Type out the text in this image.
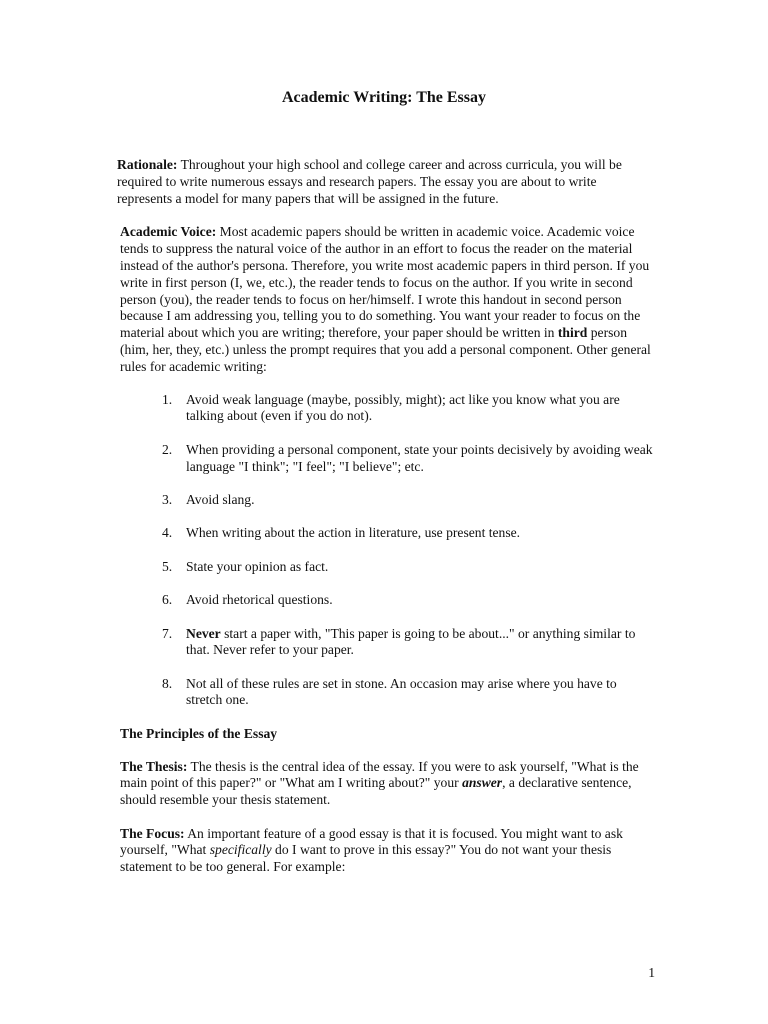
Academic Writing: The Essay

Rationale: Throughout your high school and college career and across curricula, you will be required to write numerous essays and research papers. The essay you are about to write represents a model for many papers that will be assigned in the future.

Academic Voice: Most academic papers should be written in academic voice. Academic voice tends to suppress the natural voice of the author in an effort to focus the reader on the material instead of the author's persona. Therefore, you write most academic papers in third person. If you write in first person (I, we, etc.), the reader tends to focus on the author. If you write in second person (you), the reader tends to focus on her/himself. I wrote this handout in second person because I am addressing you, telling you to do something. You want your reader to focus on the material about which you are writing; therefore, your paper should be written in third person (him, her, they, etc.) unless the prompt requires that you add a personal component. Other general rules for academic writing:

1. Avoid weak language (maybe, possibly, might); act like you know what you are talking about (even if you do not).
2. When providing a personal component, state your points decisively by avoiding weak language "I think"; "I feel"; "I believe"; etc.
3. Avoid slang.
4. When writing about the action in literature, use present tense.
5. State your opinion as fact.
6. Avoid rhetorical questions.
7. Never start a paper with, "This paper is going to be about..." or anything similar to that. Never refer to your paper.
8. Not all of these rules are set in stone. An occasion may arise where you have to stretch one.

The Principles of the Essay

The Thesis: The thesis is the central idea of the essay. If you were to ask yourself, "What is the main point of this paper?" or "What am I writing about?" your answer, a declarative sentence, should resemble your thesis statement.

The Focus: An important feature of a good essay is that it is focused. You might want to ask yourself, "What specifically do I want to prove in this essay?" You do not want your thesis statement to be too general. For example:

1
